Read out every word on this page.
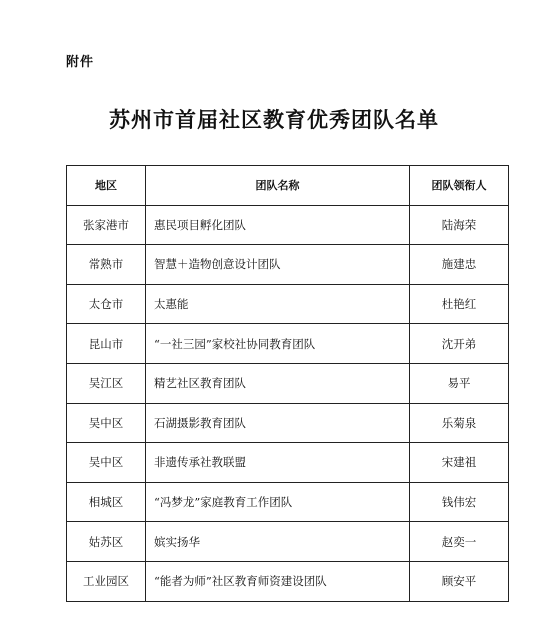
附件
苏州市首届社区教育优秀团队名单
地区	团队名称	团队领衔人
张家港市	惠民项目孵化团队	陆海荣
常熟市	智慧＋造物创意设计团队	施建忠
太仓市	太惠能	杜艳红
昆山市	“一社三园”家校社协同教育团队	沈开弟
吴江区	精艺社区教育团队	易平
吴中区	石湖摄影教育团队	乐菊泉
吴中区	非遗传承社教联盟	宋建祖
相城区	“冯梦龙”家庭教育工作团队	钱伟宏
姑苏区	嫔实扬华	赵奕一
工业园区	“能者为师”社区教育师资建设团队	顾安平
